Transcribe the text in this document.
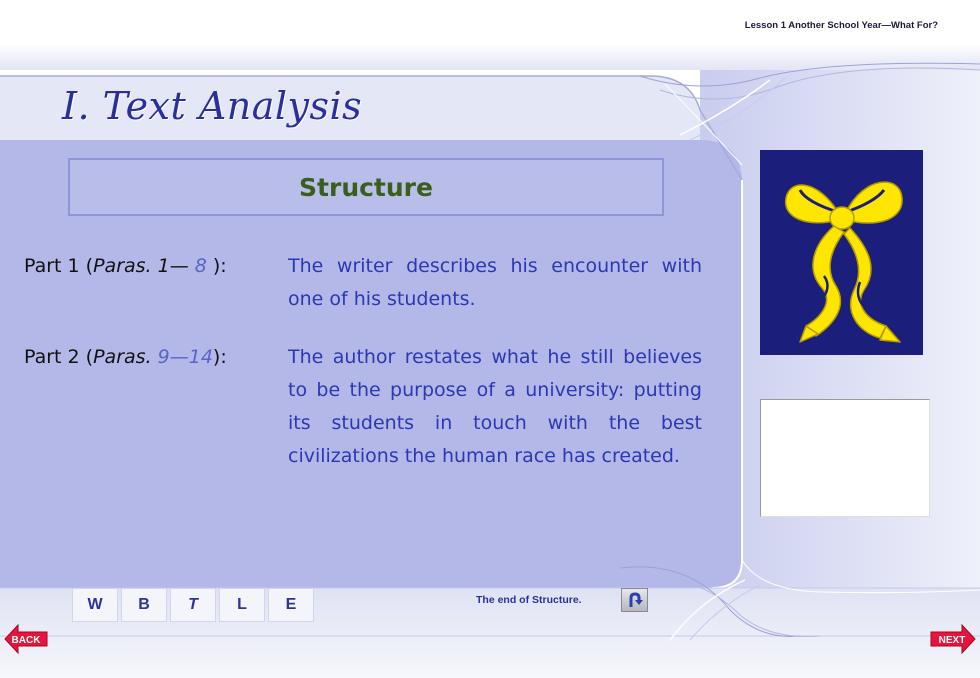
Lesson 1 Another School Year—What For?
I. Text Analysis
Structure
Part 1 (Paras. 1— 8 ):	The writer describes his encounter with one of his students.
Part 2 (Paras. 9—14):	The author restates what he still believes to be the purpose of a university: putting its students in touch with the best civilizations the human race has created.
W	B	T	L	E	The end of Structure.
BACK	NEXT
